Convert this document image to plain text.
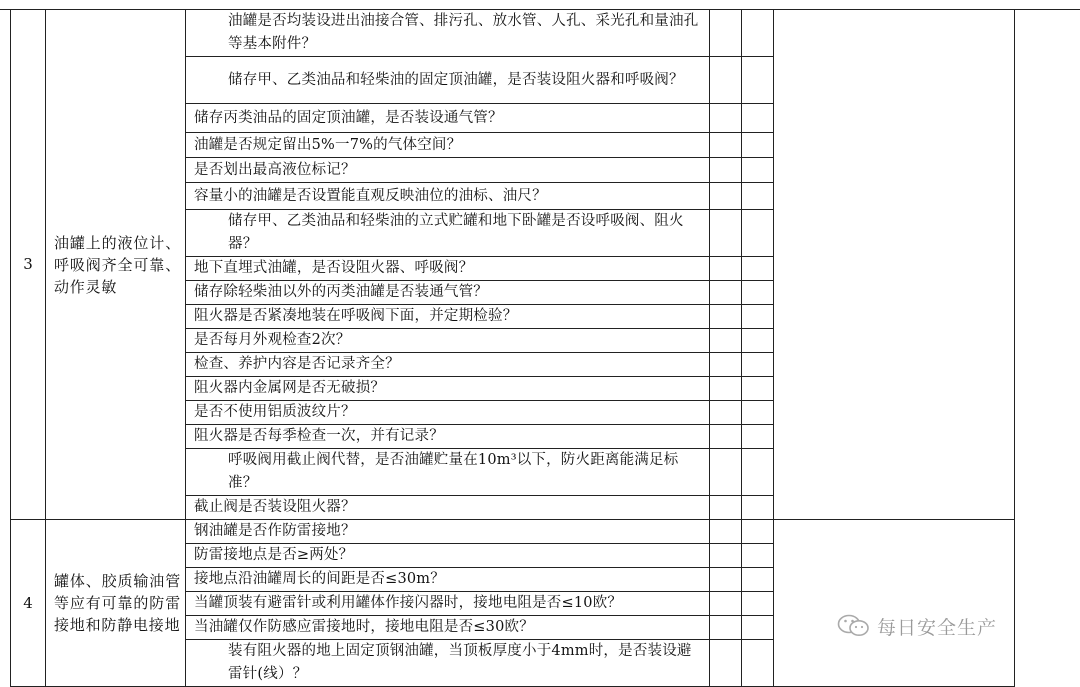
3	油罐上的液位计、呼吸阀齐全可靠、动作灵敏	油罐是否均装设进出油接合管、排污孔、放水管、人孔、采光孔和量油孔等基本附件？			

		储存甲、乙类油品和轻柴油的固定顶油罐，是否装设阻火器和呼吸阀？			

		储存丙类油品的固定顶油罐，是否装设通气管？			

		油罐是否规定留出5%一7%的气体空间？			

		是否划出最高液位标记？			

		容量小的油罐是否设置能直观反映油位的油标、油尺？			

		储存甲、乙类油品和轻柴油的立式贮罐和地下卧罐是否设呼吸阀、阻火器？			

		地下直埋式油罐，是否设阻火器、呼吸阀？			

		储存除轻柴油以外的丙类油罐是否装通气管？			

		阻火器是否紧凑地装在呼吸阀下面，并定期检验？			

		是否每月外观检查2次？			

		检查、养护内容是否记录齐全？			

		阻火器内金属网是否无破损？			

		是否不使用铝质波纹片？			

		阻火器是否每季检查一次，并有记录？			

		呼吸阀用截止阀代替，是否油罐贮量在10m³以下，防火距离能满足标准？			

		截止阀是否装设阻火器？			

4	罐体、胶质输油管等应有可靠的防雷接地和防静电接地	钢油罐是否作防雷接地？			

		防雷接地点是否≥两处？			

		接地点沿油罐周长的间距是否≤30m？			

		当罐顶装有避雷针或利用罐体作接闪器时，接地电阻是否≤10欧？			

		当油罐仅作防感应雷接地时，接地电阻是否≤30欧？			

		装有阻火器的地上固定顶钢油罐，当顶板厚度小于4mm时，是否装设避雷针(线）？			

每日安全生产
